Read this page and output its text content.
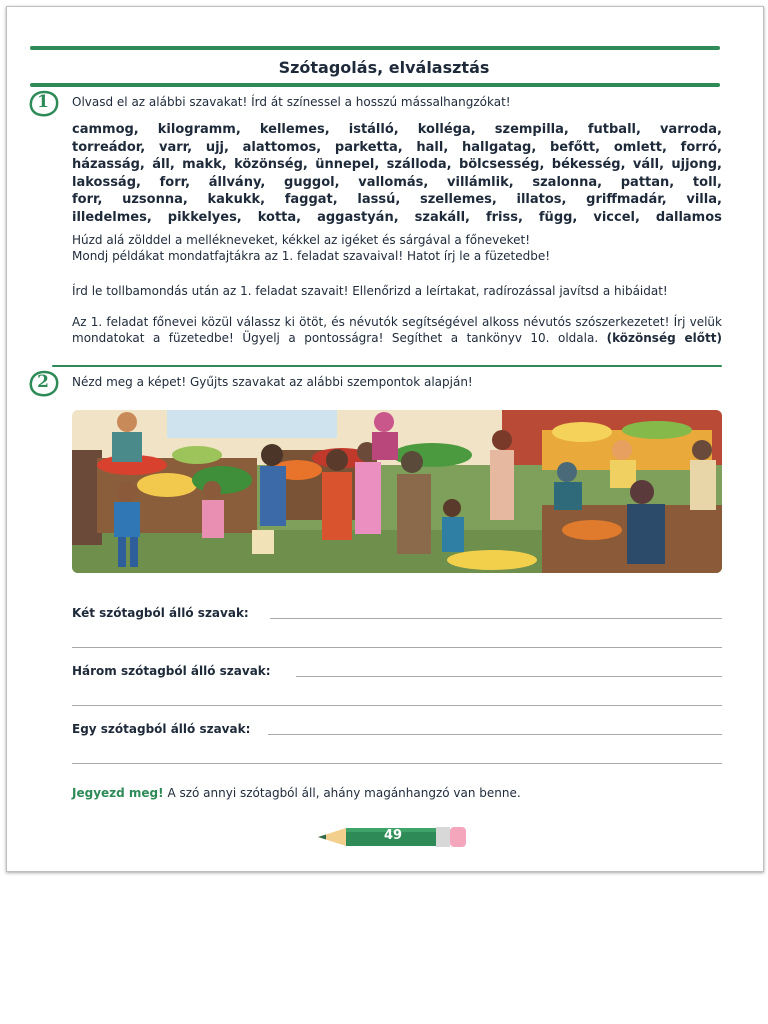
Szótagolás, elválasztás
1	Olvasd el az alábbi szavakat! Írd át színessel a hosszú mássalhangzókat!
cammog, kilogramm, kellemes, istálló, kolléga, szempilla, futball, varroda,
torreádor, varr, ujj, alattomos, parketta, hall, hallgatag, befőtt, omlett, forró,
házasság, áll, makk, közönség, ünnepel, szálloda, bölcsesség, békesség, váll, ujjong,
lakosság, forr, állvány, guggol, vallomás, villámlik, szalonna, pattan, toll,
forr, uzsonna, kakukk, faggat, lassú, szellemes, illatos, griffmadár, villa,
illedelmes, pikkelyes, kotta, aggastyán, szakáll, friss, függ, viccel, dallamos
Húzd alá zölddel a mellékneveket, kékkel az igéket és sárgával a főneveket!
Mondj példákat mondatfajtákra az 1. feladat szavaival! Hatot írj le a füzetedbe!
Írd le tollbamondás után az 1. feladat szavait! Ellenőrizd a leírtakat, radírozással javítsd a hibáidat!
Az 1. feladat főnevei közül válassz ki ötöt, és névutók segítségével alkoss névutós szószerkezetet! Írj velük mondatokat a füzetedbe! Ügyelj a pontosságra! Segíthet a tankönyv 10. oldala. (közönség előtt)
2	Nézd meg a képet! Gyűjts szavakat az alábbi szempontok alapján!
Két szótagból álló szavak:
Három szótagból álló szavak:
Egy szótagból álló szavak:
Jegyezd meg! A szó annyi szótagból áll, ahány magánhangzó van benne.
49
